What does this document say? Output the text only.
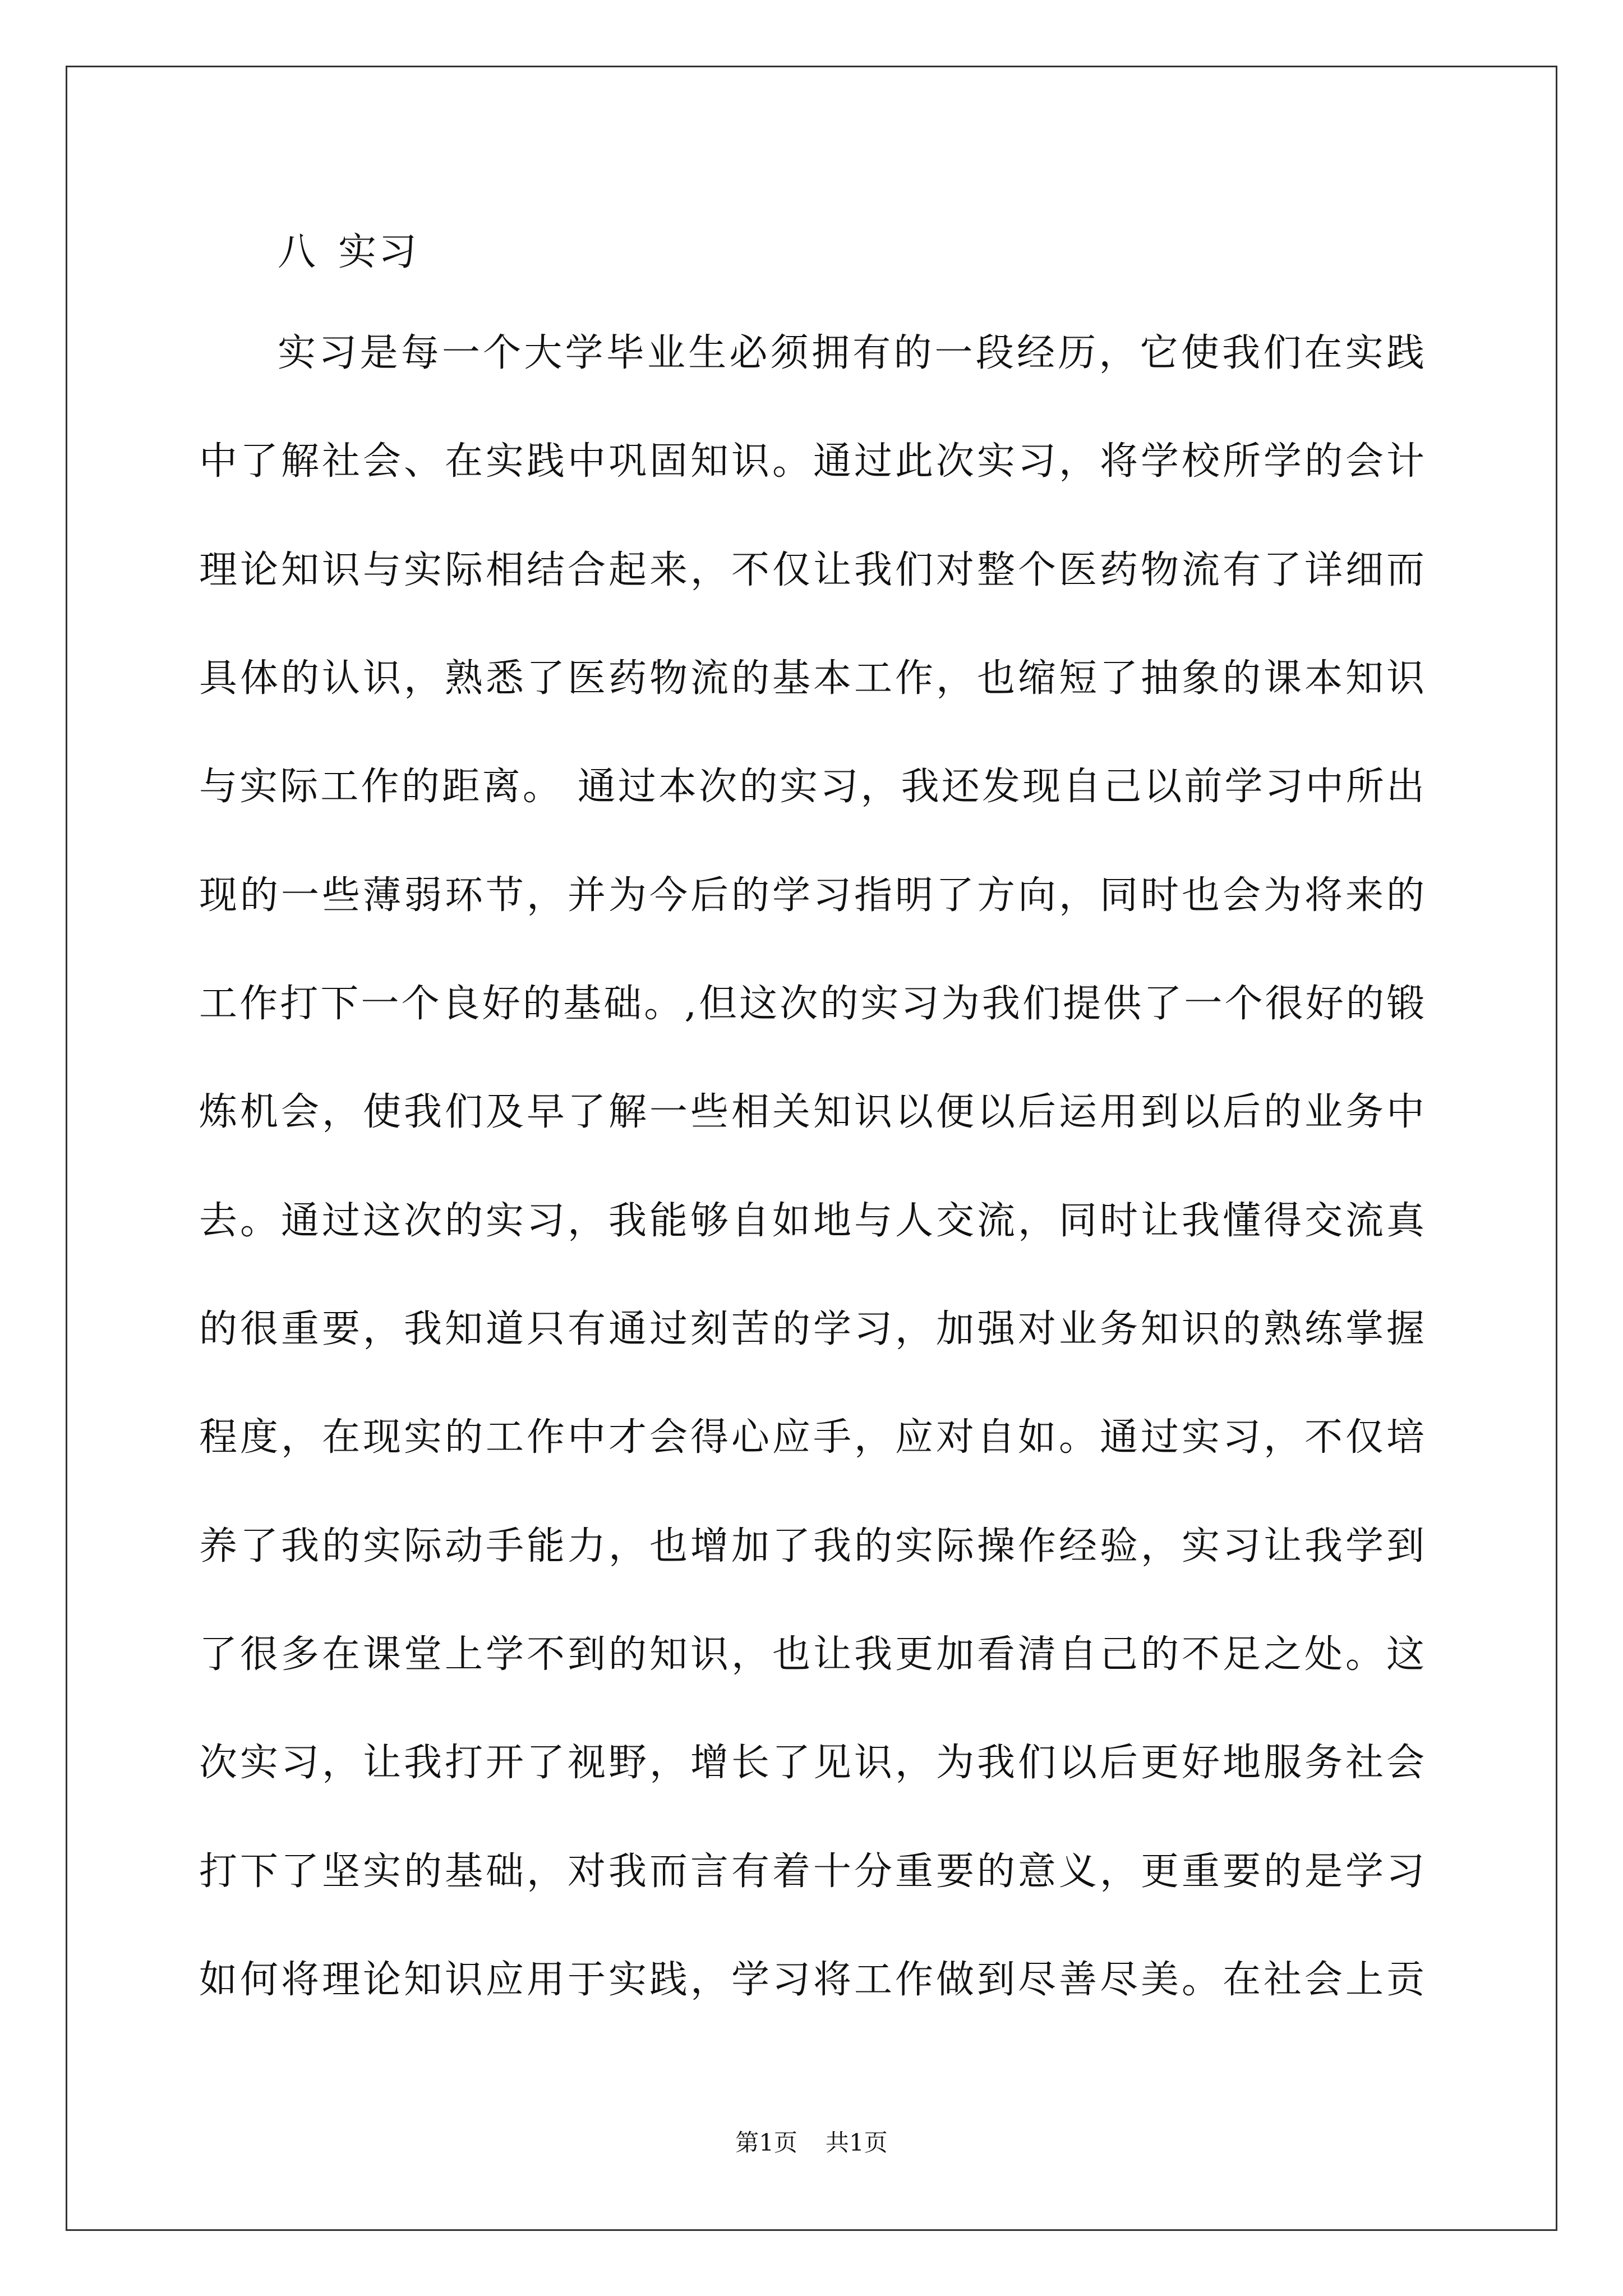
八 实习
实习是每一个大学毕业生必须拥有的一段经历，它使我们在实践
中了解社会、在实践中巩固知识。通过此次实习，将学校所学的会计
理论知识与实际相结合起来，不仅让我们对整个医药物流有了详细而
具体的认识，熟悉了医药物流的基本工作，也缩短了抽象的课本知识
与实际工作的距离。 通过本次的实习，我还发现自己以前学习中所出
现的一些薄弱环节，并为今后的学习指明了方向，同时也会为将来的
工作打下一个良好的基础。,但这次的实习为我们提供了一个很好的锻
炼机会，使我们及早了解一些相关知识以便以后运用到以后的业务中
去。通过这次的实习，我能够自如地与人交流，同时让我懂得交流真
的很重要，我知道只有通过刻苦的学习，加强对业务知识的熟练掌握
程度，在现实的工作中才会得心应手，应对自如。通过实习，不仅培
养了我的实际动手能力，也增加了我的实际操作经验，实习让我学到
了很多在课堂上学不到的知识，也让我更加看清自己的不足之处。这
次实习，让我打开了视野，增长了见识，为我们以后更好地服务社会
打下了坚实的基础，对我而言有着十分重要的意义，更重要的是学习
如何将理论知识应用于实践，学习将工作做到尽善尽美。在社会上贡
第1页 共1页
